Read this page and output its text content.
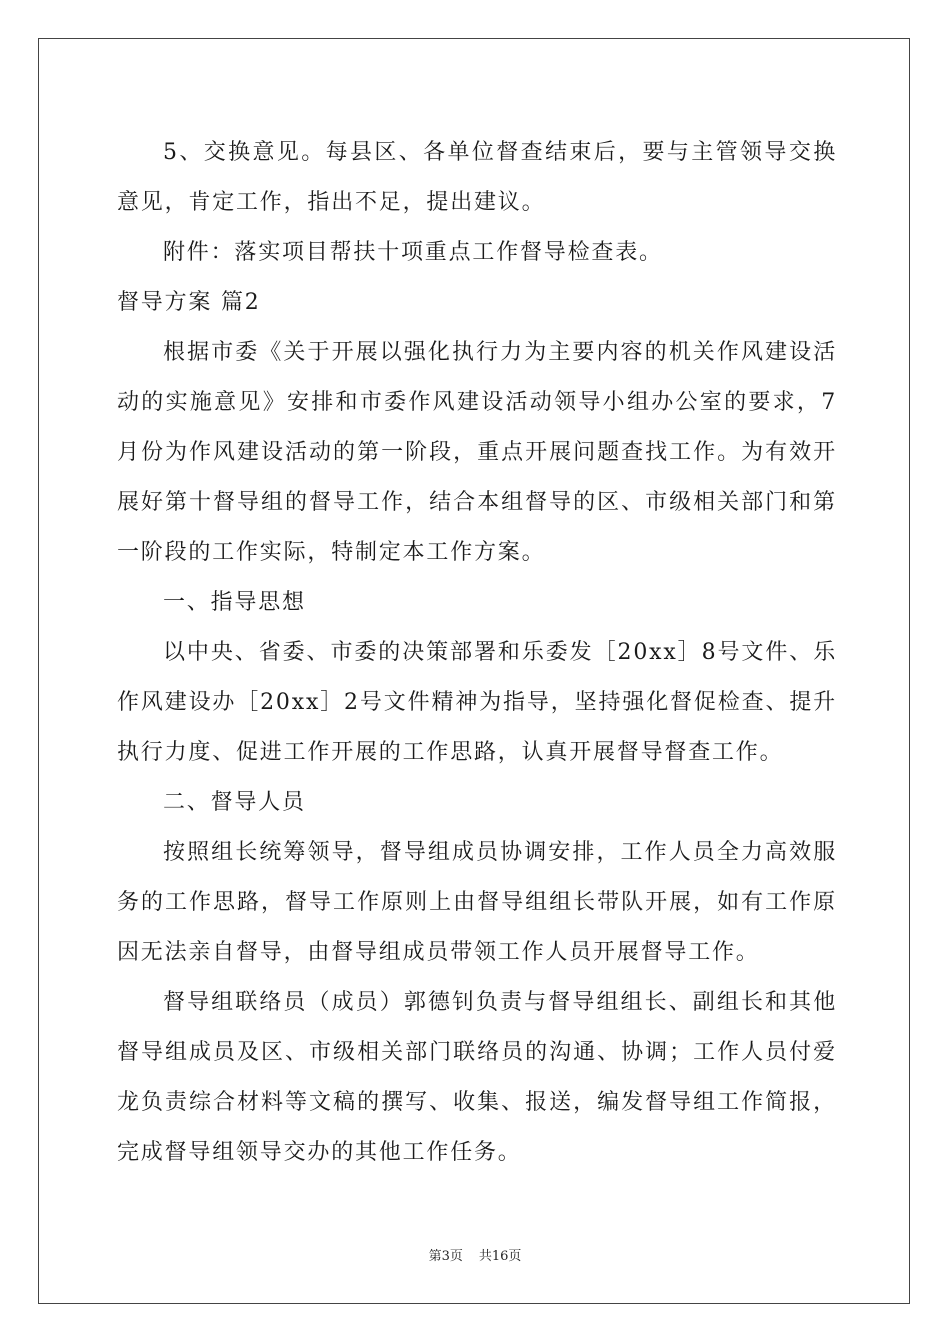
5、交换意见。每县区、各单位督查结束后，要与主管领导交换意见，肯定工作，指出不足，提出建议。

附件：落实项目帮扶十项重点工作督导检查表。

督导方案 篇2

根据市委《关于开展以强化执行力为主要内容的机关作风建设活动的实施意见》安排和市委作风建设活动领导小组办公室的要求，7月份为作风建设活动的第一阶段，重点开展问题查找工作。为有效开展好第十督导组的督导工作，结合本组督导的区、市级相关部门和第一阶段的工作实际，特制定本工作方案。

一、指导思想

以中央、省委、市委的决策部署和乐委发［20xx］8号文件、乐作风建设办［20xx］2号文件精神为指导，坚持强化督促检查、提升执行力度、促进工作开展的工作思路，认真开展督导督查工作。

二、督导人员

按照组长统筹领导，督导组成员协调安排，工作人员全力高效服务的工作思路，督导工作原则上由督导组组长带队开展，如有工作原因无法亲自督导，由督导组成员带领工作人员开展督导工作。

督导组联络员（成员）郭德钊负责与督导组组长、副组长和其他督导组成员及区、市级相关部门联络员的沟通、协调；工作人员付爱龙负责综合材料等文稿的撰写、收集、报送，编发督导组工作简报，完成督导组领导交办的其他工作任务。

第3页 共16页
